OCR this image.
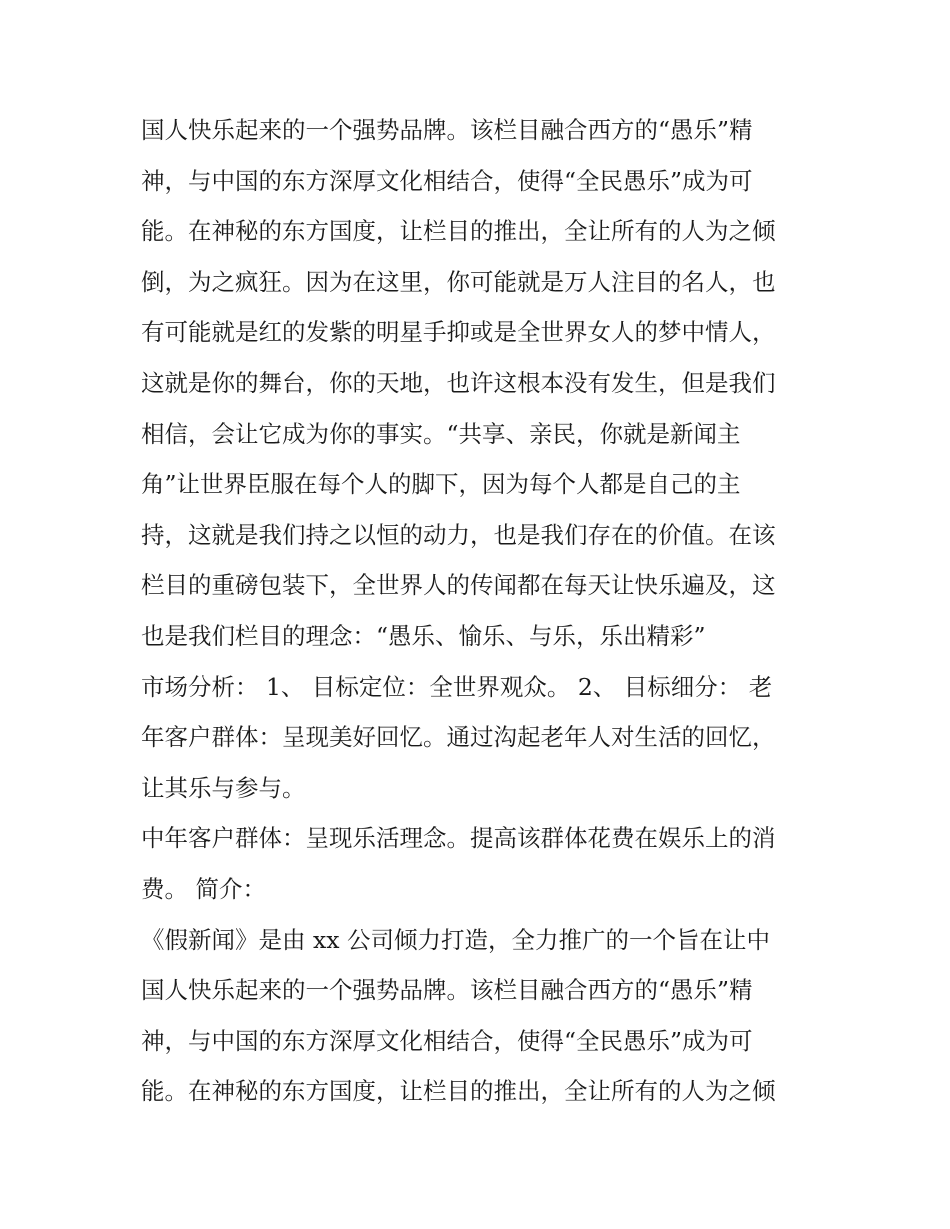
国人快乐起来的一个强势品牌。该栏目融合西方的“愚乐”精
神，与中国的东方深厚文化相结合，使得“全民愚乐”成为可
能。在神秘的东方国度，让栏目的推出，全让所有的人为之倾
倒，为之疯狂。因为在这里，你可能就是万人注目的名人，也
有可能就是红的发紫的明星手抑或是全世界女人的梦中情人，
这就是你的舞台，你的天地，也许这根本没有发生，但是我们
相信，会让它成为你的事实。“共享、亲民，你就是新闻主
角”让世界臣服在每个人的脚下，因为每个人都是自己的主
持，这就是我们持之以恒的动力，也是我们存在的价值。在该
栏目的重磅包装下，全世界人的传闻都在每天让快乐遍及，这
也是我们栏目的理念：“愚乐、愉乐、与乐，乐出精彩”
市场分析： 1、 目标定位：全世界观众。 2、 目标细分： 老
年客户群体：呈现美好回忆。通过沟起老年人对生活的回忆，
让其乐与参与。
中年客户群体：呈现乐活理念。提高该群体花费在娱乐上的消
费。 简介：
《假新闻》是由 xx 公司倾力打造，全力推广的一个旨在让中
国人快乐起来的一个强势品牌。该栏目融合西方的“愚乐”精
神，与中国的东方深厚文化相结合，使得“全民愚乐”成为可
能。在神秘的东方国度，让栏目的推出，全让所有的人为之倾
